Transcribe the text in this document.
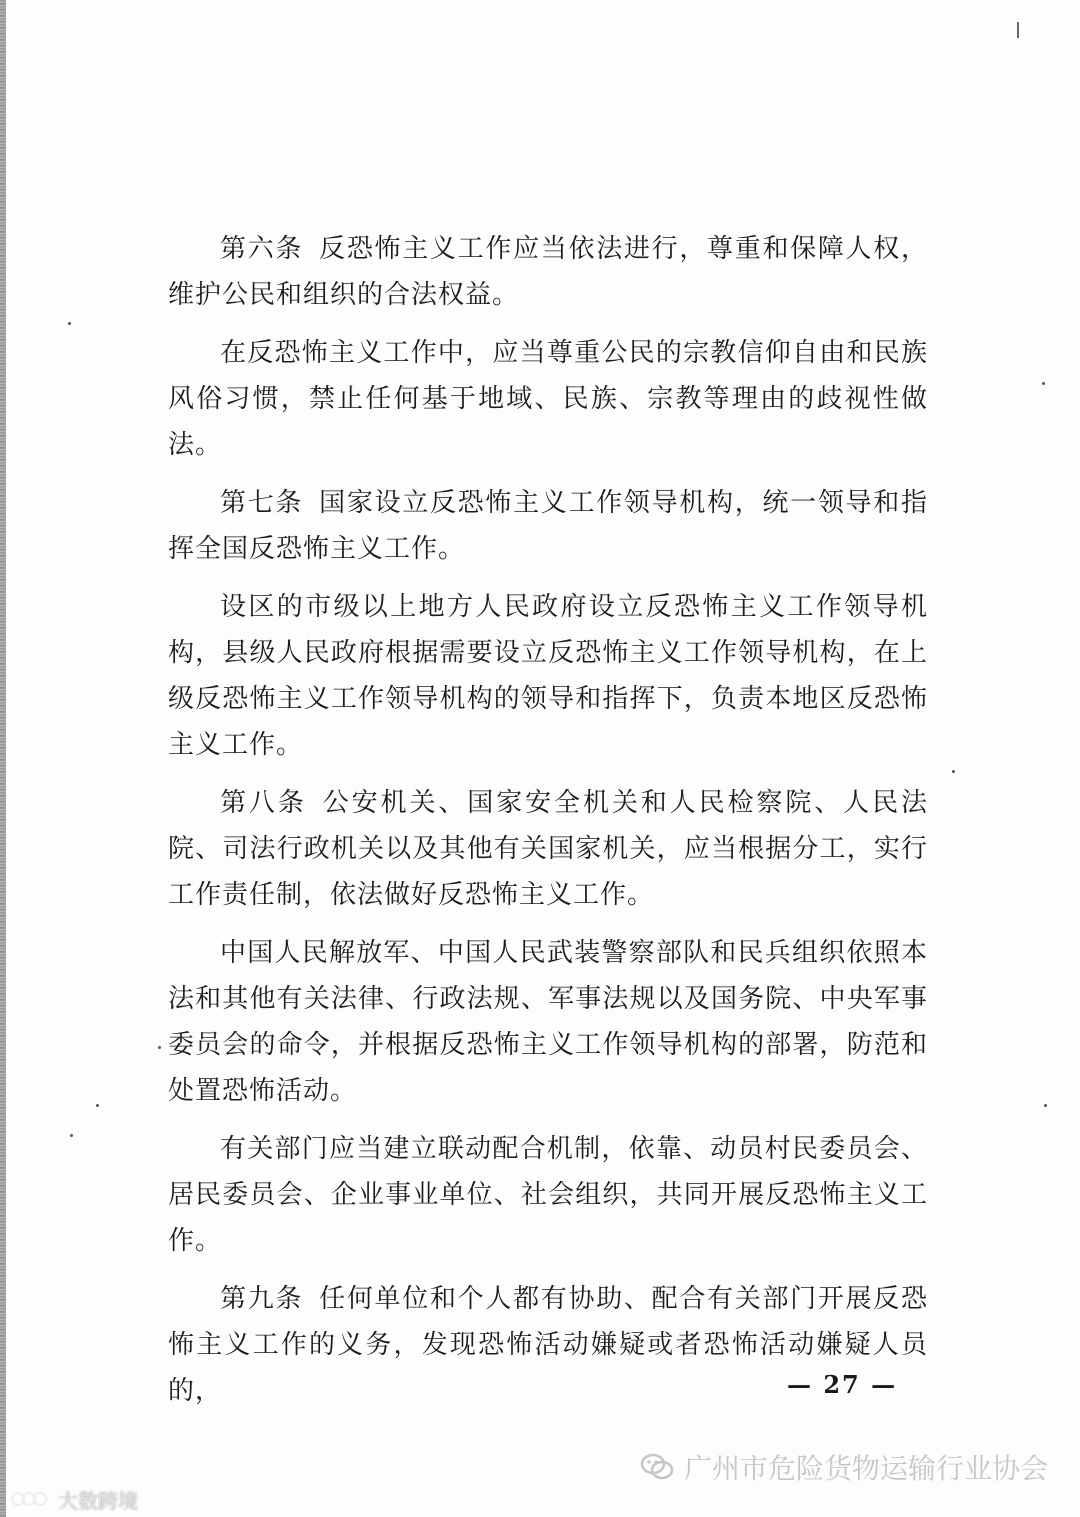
第六条 反恐怖主义工作应当依法进行，尊重和保障人权，维护公民和组织的合法权益。

在反恐怖主义工作中，应当尊重公民的宗教信仰自由和民族风俗习惯，禁止任何基于地域、民族、宗教等理由的歧视性做法。

第七条 国家设立反恐怖主义工作领导机构，统一领导和指挥全国反恐怖主义工作。

设区的市级以上地方人民政府设立反恐怖主义工作领导机构，县级人民政府根据需要设立反恐怖主义工作领导机构，在上级反恐怖主义工作领导机构的领导和指挥下，负责本地区反恐怖主义工作。

第八条 公安机关、国家安全机关和人民检察院、人民法院、司法行政机关以及其他有关国家机关，应当根据分工，实行工作责任制，依法做好反恐怖主义工作。

中国人民解放军、中国人民武装警察部队和民兵组织依照本法和其他有关法律、行政法规、军事法规以及国务院、中央军事委员会的命令，并根据反恐怖主义工作领导机构的部署，防范和处置恐怖活动。

有关部门应当建立联动配合机制，依靠、动员村民委员会、居民委员会、企业事业单位、社会组织，共同开展反恐怖主义工作。

第九条 任何单位和个人都有协助、配合有关部门开展反恐怖主义工作的义务，发现恐怖活动嫌疑或者恐怖活动嫌疑人员的，	— 27 —
广州市危险货物运输行业协会
大数跨境
